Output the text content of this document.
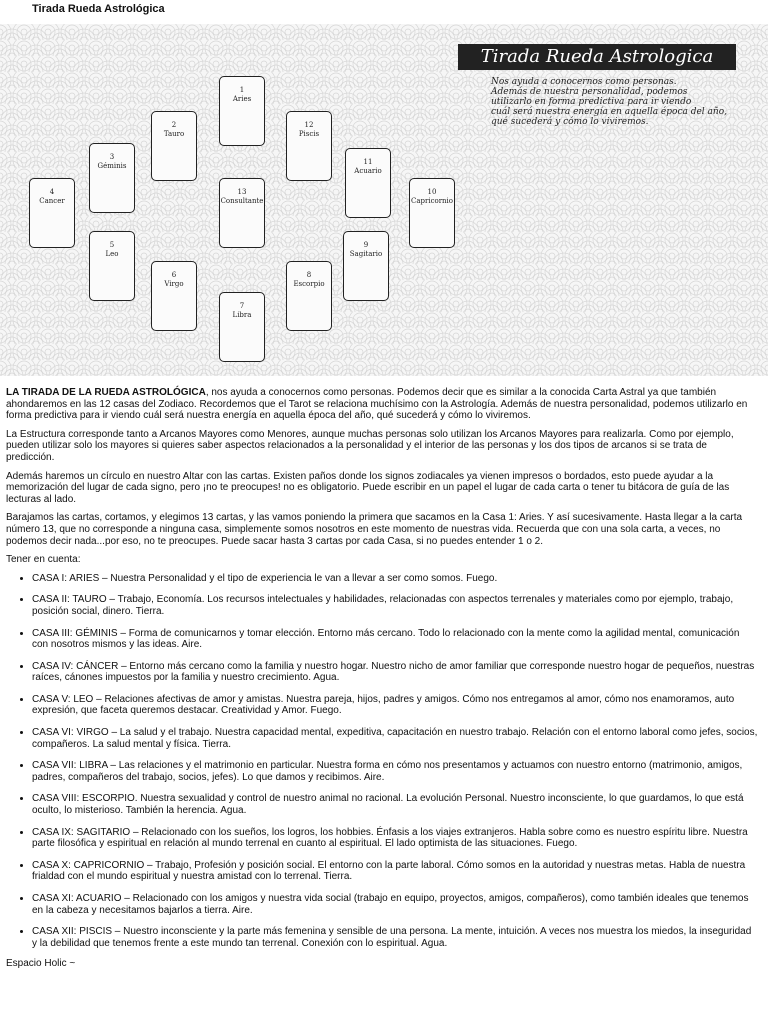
Tirada Rueda Astrológica
1
Aries
2
Tauro
3
Géminis
4
Cancer
5
Leo
6
Virgo
7
Libra
8
Escorpio
9
Sagitario
10
Capricornio
11
Acuario
12
Piscis
13
Consultante
Tirada Rueda Astrologica

Nos ayuda a conocernos como personas.

Además de nuestra personalidad, podemos

utilizarlo en forma predictiva para ir viendo

cuál será nuestra energía en aquella época del año,

qué sucederá y cómo lo viviremos.

LA TIRADA DE LA RUEDA ASTROLÓGICA, nos ayuda a conocernos como personas. Podemos decir que es similar a la conocida Carta Astral ya que también ahondaremos en las 12 casas del Zodiaco. Recordemos que el Tarot se relaciona muchísimo con la Astrología. Además de nuestra personalidad, podemos utilizarlo en forma predictiva para ir viendo cuál será nuestra energía en aquella época del año, qué sucederá y cómo lo viviremos.

La Estructura corresponde tanto a Arcanos Mayores como Menores, aunque muchas personas solo utilizan los Arcanos Mayores para realizarla. Como por ejemplo, pueden utilizar solo los mayores si quieres saber aspectos relacionados a la personalidad y el interior de las personas y los dos tipos de arcanos si se trata de predicción.

Además haremos un círculo en nuestro Altar con las cartas. Existen paños donde los signos zodiacales ya vienen impresos o bordados, esto puede ayudar a la memorización del lugar de cada signo, pero ¡no te preocupes! no es obligatorio. Puede escribir en un papel el lugar de cada carta o tener tu bitácora de guía de las lecturas al lado.

Barajamos las cartas, cortamos, y elegimos 13 cartas, y las vamos poniendo la primera que sacamos en la Casa 1: Aries. Y así sucesivamente. Hasta llegar a la carta número 13, que no corresponde a ninguna casa, simplemente somos nosotros en este momento de nuestras vida. Recuerda que con una sola carta, a veces, no podemos decir nada...por eso, no te preocupes. Puede sacar hasta 3 cartas por cada Casa, si no puedes entender 1 o 2.

Tener en cuenta:

• CASA I: ARIES – Nuestra Personalidad y el tipo de experiencia le van a llevar a ser como somos. Fuego.
• CASA II: TAURO – Trabajo, Economía. Los recursos intelectuales y habilidades, relacionadas con aspectos terrenales y materiales como por ejemplo, trabajo, posición social, dinero. Tierra.
• CASA III: GÉMINIS – Forma de comunicarnos y tomar elección. Entorno más cercano. Todo lo relacionado con la mente como la agilidad mental, comunicación con nosotros mismos y las ideas. Aire.
• CASA IV: CÁNCER – Entorno más cercano como la familia y nuestro hogar. Nuestro nicho de amor familiar que corresponde nuestro hogar de pequeños, nuestras raíces, cánones impuestos por la familia y nuestro crecimiento. Agua.
• CASA V: LEO – Relaciones afectivas de amor y amistas. Nuestra pareja, hijos, padres y amigos. Cómo nos entregamos al amor, cómo nos enamoramos, auto expresión, que faceta queremos destacar. Creatividad y Amor. Fuego.
• CASA VI: VIRGO – La salud y el trabajo. Nuestra capacidad mental, expeditiva, capacitación en nuestro trabajo. Relación con el entorno laboral como jefes, socios, compañeros. La salud mental y física. Tierra.
• CASA VII: LIBRA – Las relaciones y el matrimonio en particular. Nuestra forma en cómo nos presentamos y actuamos con nuestro entorno (matrimonio, amigos, padres, compañeros del trabajo, socios, jefes). Lo que damos y recibimos. Aire.
• CASA VIII: ESCORPIO. Nuestra sexualidad y control de nuestro animal no racional. La evolución Personal. Nuestro inconsciente, lo que guardamos, lo que está oculto, lo misterioso. También la herencia. Agua.
• CASA IX: SAGITARIO – Relacionado con los sueños, los logros, los hobbies. Énfasis a los viajes extranjeros. Habla sobre como es nuestro espíritu libre. Nuestra parte filosófica y espiritual en relación al mundo terrenal en cuanto al espiritual. El lado optimista de las situaciones. Fuego.
• CASA X: CAPRICORNIO – Trabajo, Profesión y posición social. El entorno con la parte laboral. Cómo somos en la autoridad y nuestras metas. Habla de nuestra frialdad con el mundo espiritual y nuestra amistad con lo terrenal. Tierra.
• CASA XI: ACUARIO – Relacionado con los amigos y nuestra vida social (trabajo en equipo, proyectos, amigos, compañeros), como también ideales que tenemos en la cabeza y necesitamos bajarlos a tierra. Aire.
• CASA XII: PISCIS – Nuestro inconsciente y la parte más femenina y sensible de una persona. La mente, intuición. A veces nos muestra los miedos, la inseguridad y la debilidad que tenemos frente a este mundo tan terrenal. Conexión con lo espiritual. Agua.

Espacio Holic ~
